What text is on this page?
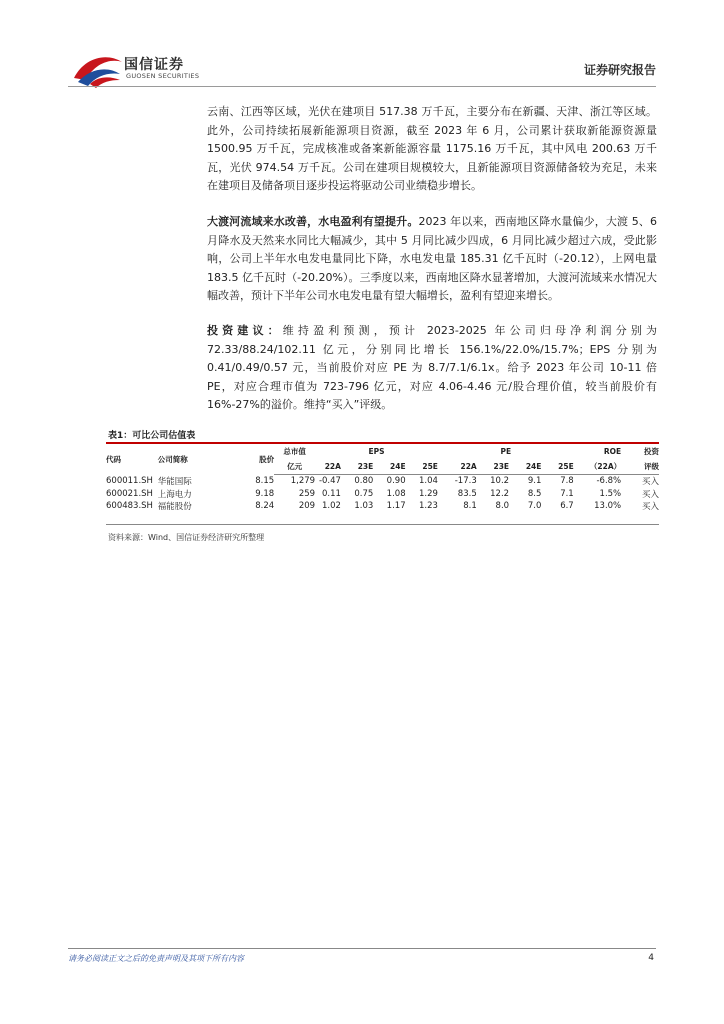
国信证券
GUOSEN SECURITIES	证券研究报告
云南、江西等区域，光伏在建项目 517.38 万千瓦，主要分布在新疆、天津、浙江等区域。此外，公司持续拓展新能源项目资源，截至 2023 年 6 月，公司累计获取新能源资源量 1500.95 万千瓦，完成核准或备案新能源容量 1175.16 万千瓦，其中风电 200.63 万千瓦，光伏 974.54 万千瓦。公司在建项目规模较大，且新能源项目资源储备较为充足，未来在建项目及储备项目逐步投运将驱动公司业绩稳步增长。
大渡河流域来水改善，水电盈利有望提升。2023 年以来，西南地区降水量偏少，大渡 5、6 月降水及天然来水同比大幅减少，其中 5 月同比减少四成，6 月同比减少超过六成，受此影响，公司上半年水电发电量同比下降，水电发电量 185.31 亿千瓦时（-20.12），上网电量 183.5 亿千瓦时（-20.20%）。三季度以来，西南地区降水显著增加，大渡河流域来水情况大幅改善，预计下半年公司水电发电量有望大幅增长，盈利有望迎来增长。
投资建议：维持盈利预测，预计 2023-2025 年公司归母净利润分别为 72.33/88.24/102.11 亿元，分别同比增长 156.1%/22.0%/15.7%；EPS 分别为 0.41/0.49/0.57 元，当前股价对应 PE 为 8.7/7.1/6.1x。给予 2023 年公司 10-11 倍 PE，对应合理市值为 723-796 亿元，对应 4.06-4.46 元/股合理价值，较当前股价有 16%-27%的溢价。维持“买入”评级。
表1：可比公司估值表
代码	公司简称	股价	总市值	EPS				PE				ROE	投资
			亿元	22A	23E	24E	25E	22A	23E	24E	25E	（22A）	评级
600011.SH	华能国际	8.15	1,279	-0.47	0.80	0.90	1.04	-17.3	10.2	9.1	7.8	-6.8%	买入
600021.SH	上海电力	9.18	259	0.11	0.75	1.08	1.29	83.5	12.2	8.5	7.1	1.5%	买入
600483.SH	福能股份	8.24	209	1.02	1.03	1.17	1.23	8.1	8.0	7.0	6.7	13.0%	买入
资料来源：Wind、国信证券经济研究所整理
请务必阅读正文之后的免责声明及其项下所有内容	4
